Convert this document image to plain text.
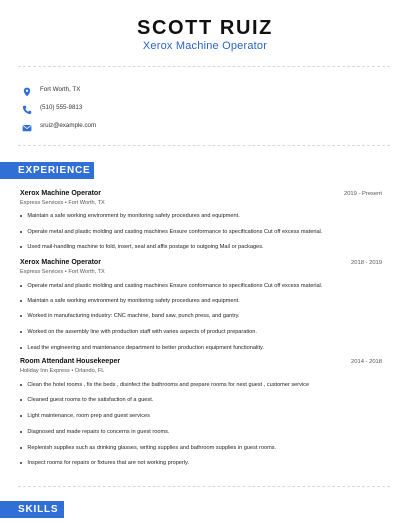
SCOTT RUIZ
Xerox Machine Operator
Fort Worth, TX
(510) 555-9813
sruiz@example.com
EXPERIENCE
Xerox Machine Operator	2019 - Present
Express Services • Fort Worth, TX
Maintain a safe working environment by monitoring safety procedures and equipment.
Operate metal and plastic molding and casting machines Ensure conformance to specifications Cut off excess material.
Used mail-handling machine to fold, insert, seal and affix postage to outgoing Mail or packages.
Xerox Machine Operator	2018 - 2019
Express Services • Fort Worth, TX
Operate metal and plastic molding and casting machines Ensure conformance to specifications Cut off excess material.
Maintain a safe working environment by monitoring safety procedures and equipment.
Worked in manufacturing industry: CNC machine, band saw, punch press, and gantry.
Worked on the assembly line with production staff with varies aspects of product preparation.
Lead the engineering and maintenance department to better production equipment functionality.
Room Attendant Housekeeper	2014 - 2018
Holiday Inn Express • Orlando, FL
Clean the hotel rooms , fix the beds , disinfect the bathrooms and prepare rooms for next guest , customer service
Cleaned guest rooms to the satisfaction of a guest.
Light maintenance, room prep and guest services
Diagnosed and made repairs to concerns in guest rooms.
Replenish supplies such as drinking glasses, writing supplies and bathroom supplies in guest rooms.
Inspect rooms for repairs or fixtures that are not working properly.
SKILLS
